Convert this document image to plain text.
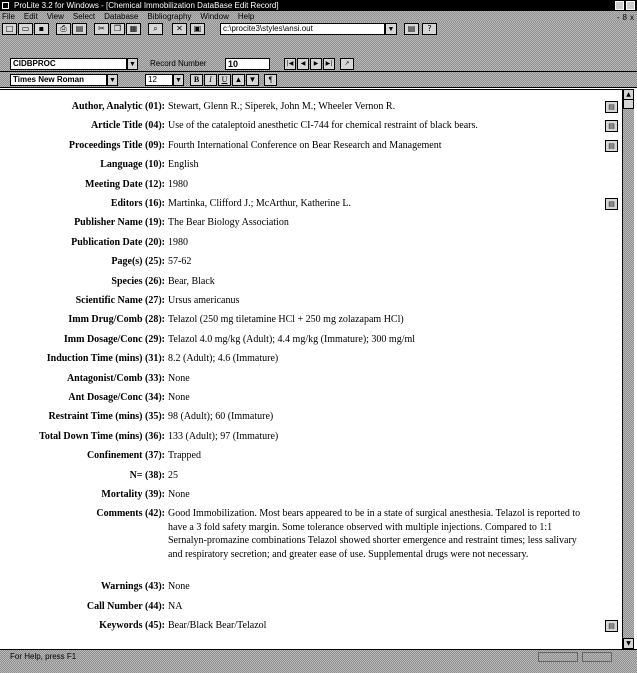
ProLite 3.2 for Windows - [Chemical Immobilization DataBase Edit Record]
File Edit View Select Database Bibliography Window Help	- 8 x
□	▭	▪	⎙	▤	✂	❐	▦	⌕	✕	▣	c:\procite3\styles\ansi.out	▼	▤	?
CIDBPROC	▼ Record Number	10	|◀	◀	▶	▶|	↗
Times New Roman	▼	12	▼	B	I	U ▲ ▼	¶
Author, Analytic (01): Stewart, Glenn R.; Siperek, John M.; Wheeler Vernon R.	▤
Article Title (04): Use of the cataleptoid anesthetic CI-744 for chemical restraint of black bears.	▤
Proceedings Title (09): Fourth International Conference on Bear Research and Management	▤
Language (10): English
Meeting Date (12): 1980
Editors (16): Martinka, Clifford J.; McArthur, Katherine L.	▤
Publisher Name (19): The Bear Biology Association
Publication Date (20): 1980
Page(s) (25): 57-62
Species (26): Bear, Black
Scientific Name (27): Ursus americanus
Imm Drug/Comb (28): Telazol (250 mg tiletamine HCl + 250 mg zolazapam HCl)
Imm Dosage/Conc (29): Telazol 4.0 mg/kg (Adult); 4.4 mg/kg (Immature); 300 mg/ml
Induction Time (mins) (31): 8.2 (Adult); 4.6 (Immature)
Antagonist/Comb (33): None
Ant Dosage/Conc (34): None
Restraint Time (mins) (35): 98 (Adult); 60 (Immature)
Total Down Time (mins) (36): 133 (Adult); 97 (Immature)
Confinement (37): Trapped
N= (38): 25
Mortality (39): None
Comments (42): Good Immobilization. Most bears appeared to be in a state of surgical anesthesia. Telazol is reported to have a 3 fold safety margin. Some tolerance observed with multiple injections. Compared to 1:1 Sernalyn-promazine combinations Telazol showed shorter emergence and restraint times; less salivary and respiratory secretion; and greater ease of use. Supplemental drugs were not necessary.
Warnings (43): None
Call Number (44): NA
Keywords (45): Bear/Black Bear/Telazol	▤
▲
▼
For Help, press F1
